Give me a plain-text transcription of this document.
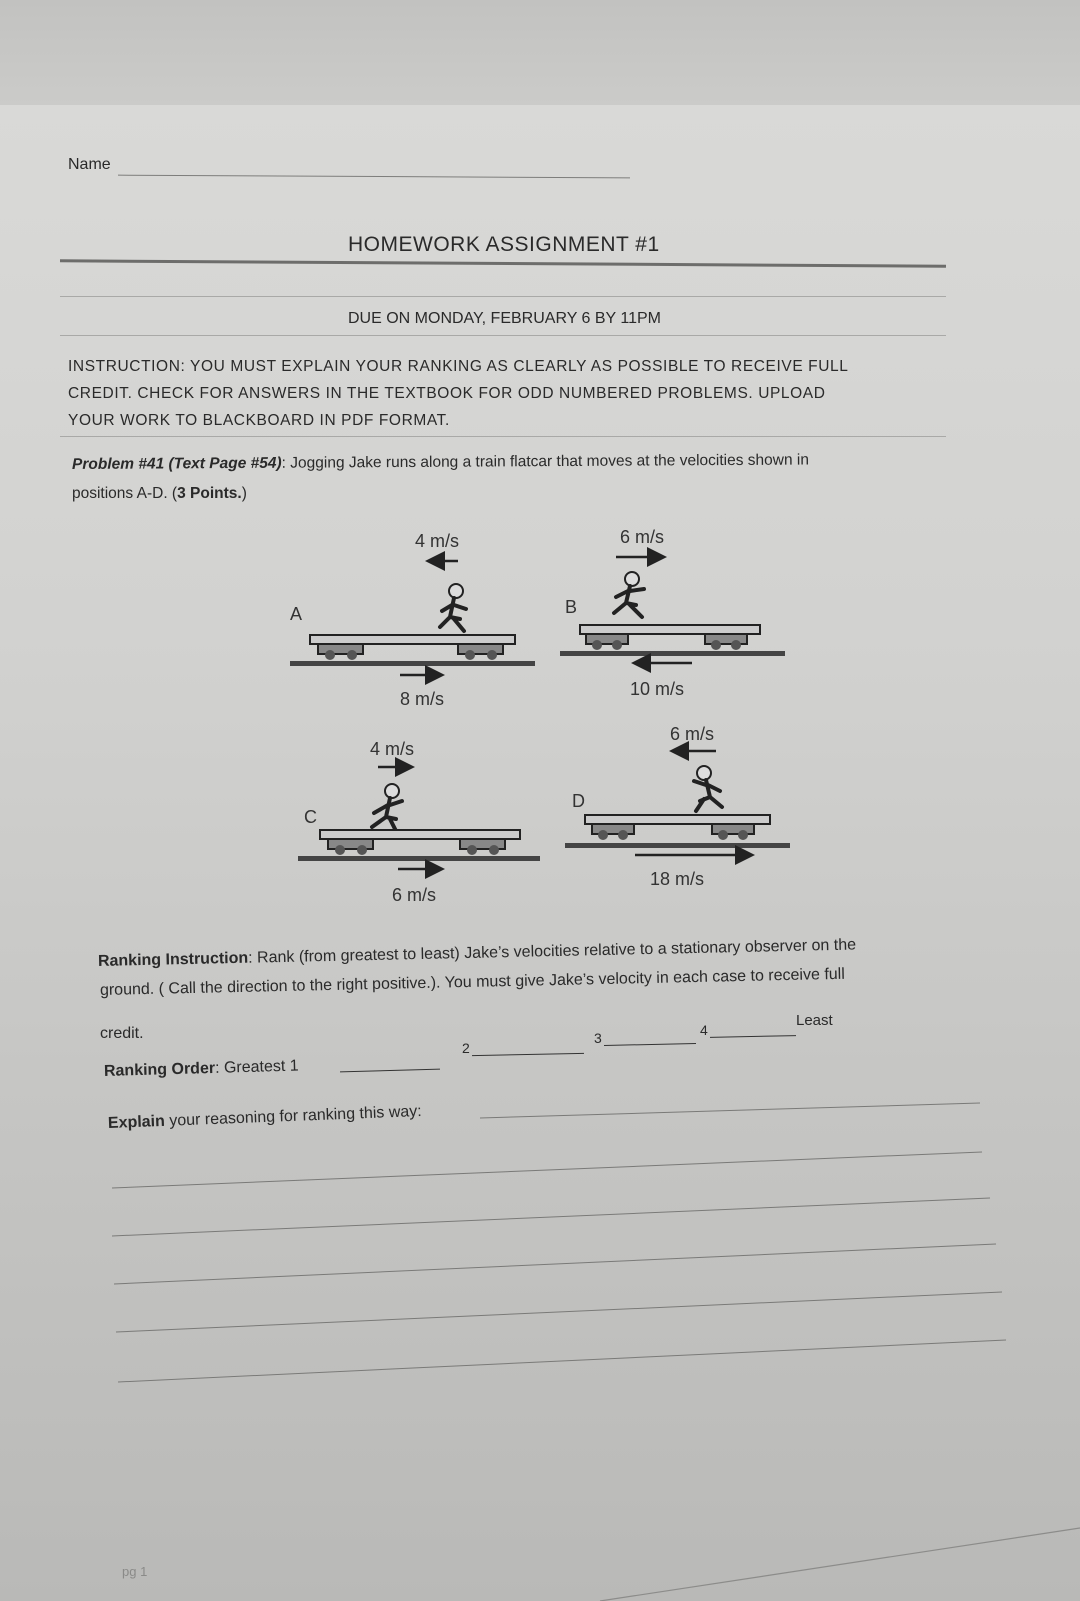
Name
HOMEWORK ASSIGNMENT #1
DUE ON MONDAY, FEBRUARY 6 BY 11PM
INSTRUCTION: YOU MUST EXPLAIN YOUR RANKING AS CLEARLY AS POSSIBLE TO RECEIVE FULL
CREDIT. CHECK FOR ANSWERS IN THE TEXTBOOK FOR ODD NUMBERED PROBLEMS. UPLOAD
YOUR WORK TO BLACKBOARD IN PDF FORMAT.
Problem #41 (Text Page #54): Jogging Jake runs along a train flatcar that moves at the velocities shown in
positions A-D. (3 Points.)
A
4 m/s
8 m/s
B
6 m/s
10 m/s
C
4 m/s
6 m/s
D
6 m/s
18 m/s
Ranking Instruction: Rank (from greatest to least) Jake’s velocities relative to a stationary observer on the
ground. ( Call the direction to the right positive.). You must give Jake’s velocity in each case to receive full
credit.
Ranking Order: Greatest 1
2
3	4
Least
Explain your reasoning for ranking this way:
pg 1
